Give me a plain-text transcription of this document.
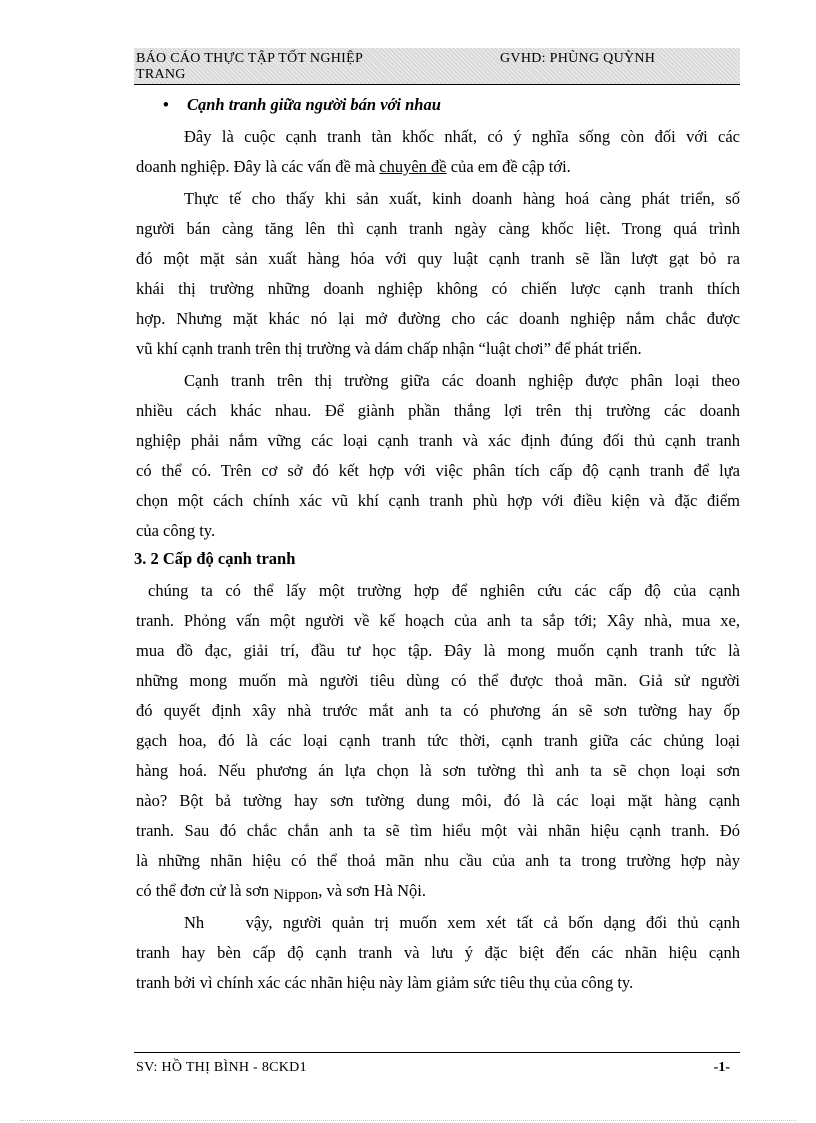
BÁO CÁO THỰC TẬP TỐT NGHIỆP
TRANG
GVHD: PHÙNG QUỲNH
• Cạnh tranh giữa người bán với nhau
Đây là cuộc cạnh tranh tàn khốc nhất, có ý nghĩa sống còn đối với các
doanh nghiệp. Đây là các vấn đề mà chuyên đề của em đề cập tới.
Thực tế cho thấy khi sản xuất, kinh doanh hàng hoá càng phát triển, số
người bán càng tăng lên thì cạnh tranh ngày càng khốc liệt. Trong quá trình
đó một mặt sản xuất hàng hóa với quy luật cạnh tranh sẽ lần lượt gạt bỏ ra
khái thị trường những doanh nghiệp không có chiến lược cạnh tranh thích
hợp. Nhưng mặt khác nó lại mở đường cho các doanh nghiệp nắm chắc được
vũ khí cạnh tranh trên thị trường và dám chấp nhận “luật chơi” để phát triển.
Cạnh tranh trên thị trường giữa các doanh nghiệp được phân loại theo
nhiều cách khác nhau. Để giành phần thắng lợi trên thị trường các doanh
nghiệp phải nắm vững các loại cạnh tranh và xác định đúng đối thủ cạnh tranh
có thể có. Trên cơ sở đó kết hợp với việc phân tích cấp độ cạnh tranh để lựa
chọn một cách chính xác vũ khí cạnh tranh phù hợp với điều kiện và đặc điểm
của công ty.
3. 2 Cấp độ cạnh tranh
chúng ta có thể lấy một trường hợp để nghiên cứu các cấp độ của cạnh
tranh. Phỏng vấn một người về kế hoạch của anh ta sắp tới; Xây nhà, mua xe,
mua đồ đạc, giải trí, đầu tư học tập. Đây là mong muốn cạnh tranh tức là
những mong muốn mà người tiêu dùng có thể được thoả mãn. Giả sử người
đó quyết định xây nhà trước mắt anh ta có phương án sẽ sơn tường hay ốp
gạch hoa, đó là các loại cạnh tranh tức thời, cạnh tranh giữa các chủng loại
hàng hoá. Nếu phương án lựa chọn là sơn tường thì anh ta sẽ chọn loại sơn
nào? Bột bả tường hay sơn tường dung môi, đó là các loại mặt hàng cạnh
tranh. Sau đó chắc chắn anh ta sẽ tìm hiểu một vài nhãn hiệu cạnh tranh. Đó
là những nhãn hiệu có thể thoả mãn nhu cầu của anh ta trong trường hợp này
có thể đơn cử là sơn Nippon, và sơn Hà Nội.
Nh    vậy, người quản trị muốn xem xét tất cả bốn dạng đối thủ cạnh
tranh hay bèn cấp độ cạnh tranh và lưu ý đặc biệt đến các nhãn hiệu cạnh
tranh bởi vì chính xác các nhãn hiệu này làm giảm sức tiêu thụ của công ty.
SV: HỒ THỊ BÌNH - 8CKD1	-1-
